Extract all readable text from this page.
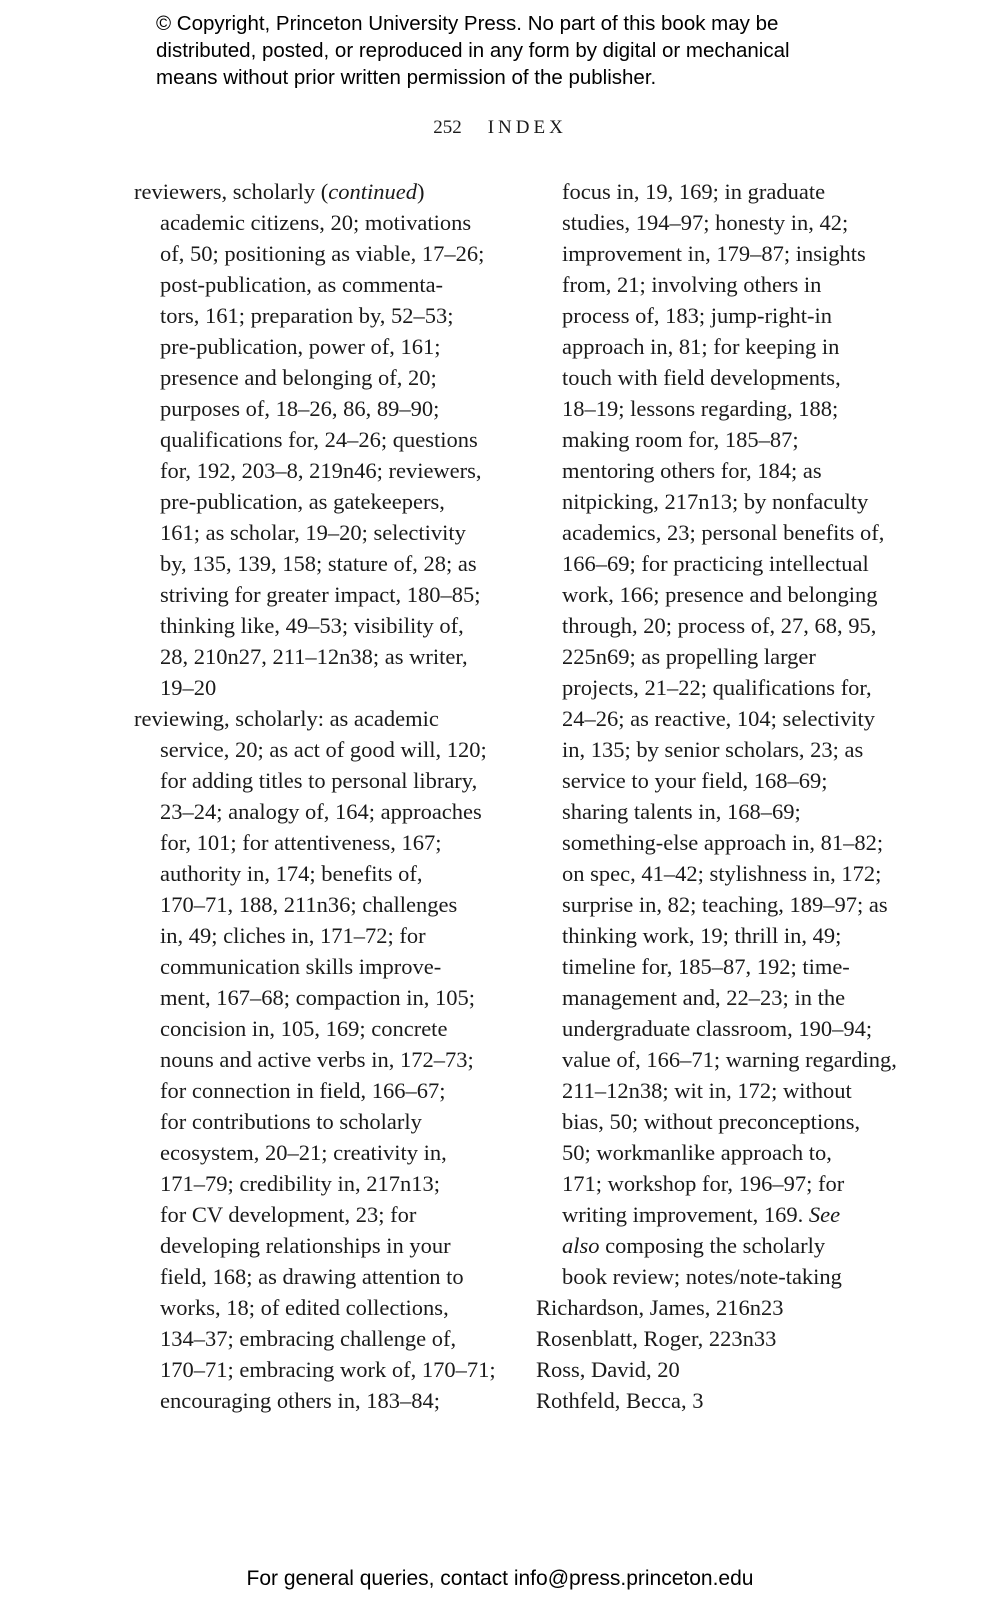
© Copyright, Princeton University Press. No part of this book may be
distributed, posted, or reproduced in any form by digital or mechanical
means without prior written permission of the publisher.
252 INDEX
reviewers, scholarly (continued)
academic citizens, 20; motivations
of, 50; positioning as viable, 17–26;
post-publication, as commenta-
tors, 161; preparation by, 52–53;
pre-publication, power of, 161;
presence and belonging of, 20;
purposes of, 18–26, 86, 89–90;
qualifications for, 24–26; questions
for, 192, 203–8, 219n46; reviewers,
pre-publication, as gatekeepers,
161; as scholar, 19–20; selectivity
by, 135, 139, 158; stature of, 28; as
striving for greater impact, 180–85;
thinking like, 49–53; visibility of,
28, 210n27, 211–12n38; as writer,
19–20
reviewing, scholarly: as academic
service, 20; as act of good will, 120;
for adding titles to personal library,
23–24; analogy of, 164; approaches
for, 101; for attentiveness, 167;
authority in, 174; benefits of,
170–71, 188, 211n36; challenges
in, 49; cliches in, 171–72; for
communication skills improve-
ment, 167–68; compaction in, 105;
concision in, 105, 169; concrete
nouns and active verbs in, 172–73;
for connection in field, 166–67;
for contributions to scholarly
ecosystem, 20–21; creativity in,
171–79; credibility in, 217n13;
for CV development, 23; for
developing relationships in your
field, 168; as drawing attention to
works, 18; of edited collections,
134–37; embracing challenge of,
170–71; embracing work of, 170–71;
encouraging others in, 183–84;
focus in, 19, 169; in graduate
studies, 194–97; honesty in, 42;
improvement in, 179–87; insights
from, 21; involving others in
process of, 183; jump-right-in
approach in, 81; for keeping in
touch with field developments,
18–19; lessons regarding, 188;
making room for, 185–87;
mentoring others for, 184; as
nitpicking, 217n13; by nonfaculty
academics, 23; personal benefits of,
166–69; for practicing intellectual
work, 166; presence and belonging
through, 20; process of, 27, 68, 95,
225n69; as propelling larger
projects, 21–22; qualifications for,
24–26; as reactive, 104; selectivity
in, 135; by senior scholars, 23; as
service to your field, 168–69;
sharing talents in, 168–69;
something-else approach in, 81–82;
on spec, 41–42; stylishness in, 172;
surprise in, 82; teaching, 189–97; as
thinking work, 19; thrill in, 49;
timeline for, 185–87, 192; time-
management and, 22–23; in the
undergraduate classroom, 190–94;
value of, 166–71; warning regarding,
211–12n38; wit in, 172; without
bias, 50; without preconceptions,
50; workmanlike approach to,
171; workshop for, 196–97; for
writing improvement, 169. See
also composing the scholarly
book review; notes/note-taking
Richardson, James, 216n23
Rosenblatt, Roger, 223n33
Ross, David, 20
Rothfeld, Becca, 3
For general queries, contact info@press.princeton.edu
